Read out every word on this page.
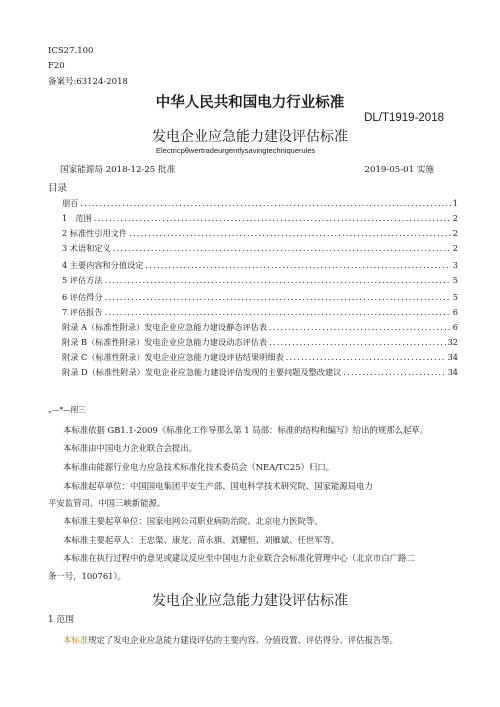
ICS27.100
F20
备案号:63124-2018
中华人民共和国电力行业标准
DL/T1919-2018
发电企业应急能力建设评估标准
Electricpθwertradeurgentlysavingtechniquerules
国家能源局 2018-12-25 批准	2019-05-01 实施
目录
朋百 .....	1
1　范围 .....	2
2 标准性引用文件 .....	2
3 术语和定义 .....	2
4 主要内容和分值设定 .....	3
5 评估方法 .....	5
6 评估得分 .....	5
7 评估报告 .....	6
附录 A（标准性附录）发电企业应急能力建设静态评估表 .....	6
附录 B（标准性附录）发电企业应急能力建设动态评估表 .....	32
附录 C（标准性附录）发电企业应急能力建设评估结果明细表 .....	34
附录 D（标准性附录）发电企业应急能力建设评估发现的主要问题及整改建议 .....	34
„—*—削三
本标准依据 GB1.1-2009《标准化工作导那么第 1 局部：标准的结构和编写》给出的规那么起草。
本标准由中国电力企业联合会提出。
本标准由能源行业电力应急技术标准化技术委员会（NEA/TC25）归口。
本标准起草单位：中国国电集团平安生产部、国电科学技术研究院、国家能源局电力
平安监管司、中国三峡新能源。
本标准主要起草单位：国家电网公司职业病防治院、北京电力医院等。
本标准主要起草人：王忠渠、康龙、苗永旗、刘耀恒、刘雁斌、任世军等。
本标准在执行过程中的意见或建议反应至中国电力企业联合会标准化管理中心（北京市白广路二
条一号，100761）。
发电企业应急能力建设评估标准
1 范围
本标准规定了发电企业应急能力建设评估的主要内容、分值设置、评估得分、评估报告等。
